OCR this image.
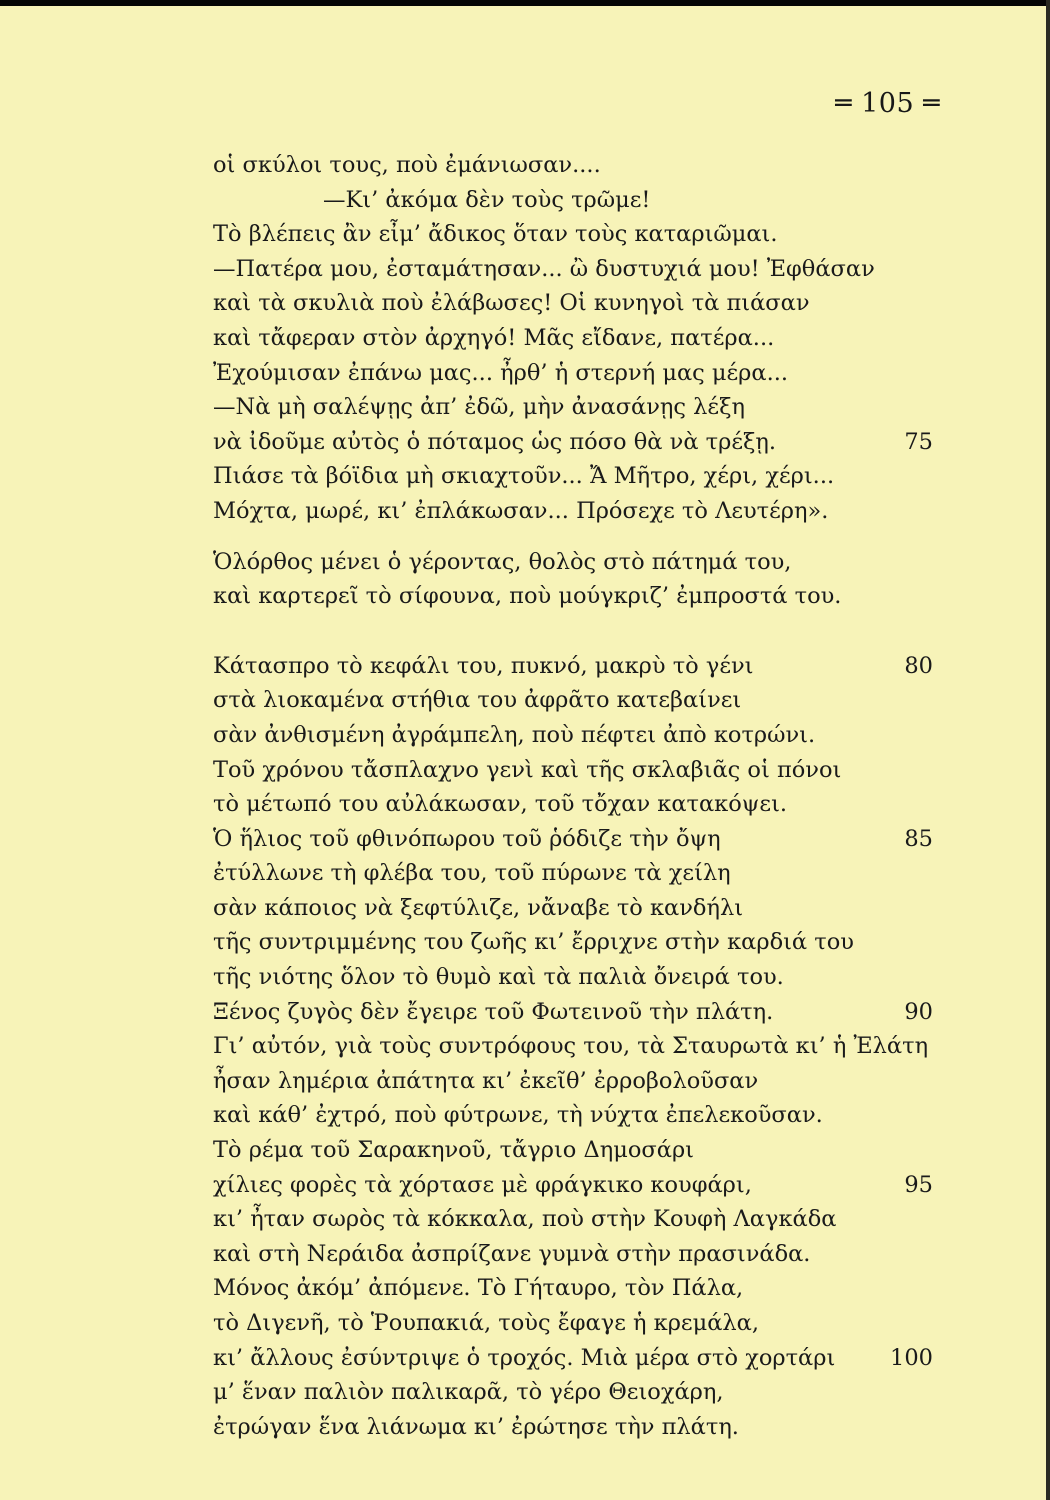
═ 105 ═
οἱ σκύλοι τους, ποὺ ἐμάνιωσαν....
—Κι’ ἀκόμα δὲν τοὺς τρῶμε!
Τὸ βλέπεις ἂν εἶμ’ ἄδικος ὅταν τοὺς καταριῶμαι.
—Πατέρα μου, ἐσταμάτησαν... ὢ δυστυχιά μου! Ἐφθάσαν
καὶ τὰ σκυλιὰ ποὺ ἐλάβωσες! Οἱ κυνηγοὶ τὰ πιάσαν
καὶ τἄφεραν στὸν ἀρχηγό! Μᾶς εἴδανε, πατέρα...
Ἐχούμισαν ἐπάνω μας... ἦρθ’ ἡ στερνή μας μέρα...
—Νὰ μὴ σαλέψῃς ἀπ’ ἐδῶ, μὴν ἀνασάνῃς λέξη
νὰ ἰδοῦμε αὐτὸς ὁ πόταμος ὡς πόσο θὰ νὰ τρέξῃ.	75
Πιάσε τὰ βόϊδια μὴ σκιαχτοῦν... Ἄ Μῆτρο, χέρι, χέρι...
Μόχτα, μωρέ, κι’ ἐπλάκωσαν... Πρόσεχε τὸ Λευτέρη».
Ὁλόρθος μένει ὁ γέροντας, θολὸς στὸ πάτημά του,
καὶ καρτερεῖ τὸ σίφουνα, ποὺ μούγκριζ’ ἐμπροστά του.
Κάτασπρο τὸ κεφάλι του, πυκνό, μακρὺ τὸ γένι	80
στὰ λιοκαμένα στήθια του ἀφρᾶτο κατεβαίνει
σὰν ἀνθισμένη ἀγράμπελη, ποὺ πέφτει ἀπὸ κοτρώνι.
Τοῦ χρόνου τἄσπλαχνο γενὶ καὶ τῆς σκλαβιᾶς οἱ πόνοι
τὸ μέτωπό του αὐλάκωσαν, τοῦ τὄχαν κατακόψει.
Ὁ ἥλιος τοῦ φθινόπωρου τοῦ ῥόδιζε τὴν ὄψη	85
ἐτύλλωνε τὴ φλέβα του, τοῦ πύρωνε τὰ χείλη
σὰν κάποιος νὰ ξεφτύλιζε, νἄναβε τὸ κανδήλι
τῆς συντριμμένης του ζωῆς κι’ ἔρριχνε στὴν καρδιά του
τῆς νιότης ὅλον τὸ θυμὸ καὶ τὰ παλιὰ ὄνειρά του.
Ξένος ζυγὸς δὲν ἔγειρε τοῦ Φωτεινοῦ τὴν πλάτη.	90
Γι’ αὐτόν, γιὰ τοὺς συντρόφους του, τὰ Σταυρωτὰ κι’ ἡ Ἐλάτη
ἦσαν λημέρια ἀπάτητα κι’ ἐκεῖθ’ ἐρροβολοῦσαν
καὶ κάθ’ ἐχτρό, ποὺ φύτρωνε, τὴ νύχτα ἐπελεκοῦσαν.
Τὸ ρέμα τοῦ Σαρακηνοῦ, τἄγριο Δημοσάρι
χίλιες φορὲς τὰ χόρτασε μὲ φράγκικο κουφάρι,	95
κι’ ἦταν σωρὸς τὰ κόκκαλα, ποὺ στὴν Κουφὴ Λαγκάδα
καὶ στὴ Νεράιδα ἀσπρίζανε γυμνὰ στὴν πρασινάδα.
Μόνος ἀκόμ’ ἀπόμενε. Τὸ Γήταυρο, τὸν Πάλα,
τὸ Διγενῆ, τὸ Ῥουπακιά, τοὺς ἔφαγε ἡ κρεμάλα,
κι’ ἄλλους ἐσύντριψε ὁ τροχός. Μιὰ μέρα στὸ χορτάρι 100
μ’ ἕναν παλιὸν παλικαρᾶ, τὸ γέρο Θειοχάρη,
ἐτρώγαν ἕνα λιάνωμα κι’ ἐρώτησε τὴν πλάτη.
